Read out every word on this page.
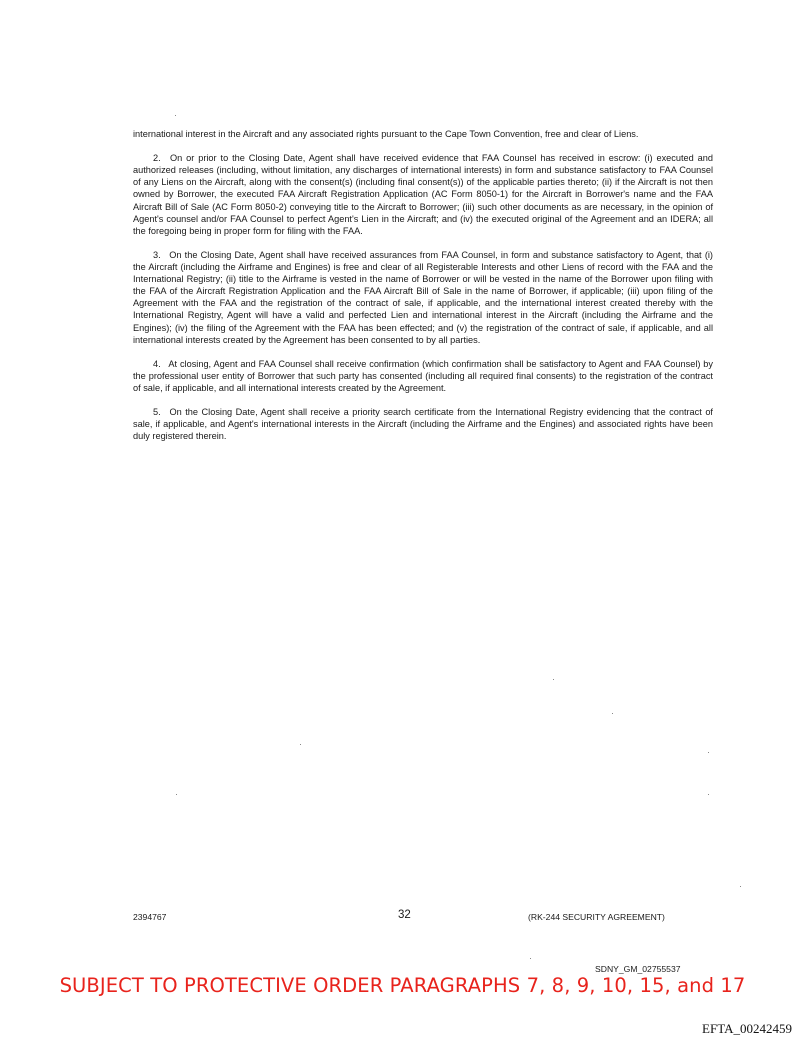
international interest in the Aircraft and any associated rights pursuant to the Cape Town Convention, free and clear of Liens.

2. On or prior to the Closing Date, Agent shall have received evidence that FAA Counsel has received in escrow: (i) executed and authorized releases (including, without limitation, any discharges of international interests) in form and substance satisfactory to FAA Counsel of any Liens on the Aircraft, along with the consent(s) (including final consent(s)) of the applicable parties thereto; (ii) if the Aircraft is not then owned by Borrower, the executed FAA Aircraft Registration Application (AC Form 8050-1) for the Aircraft in Borrower's name and the FAA Aircraft Bill of Sale (AC Form 8050-2) conveying title to the Aircraft to Borrower; (iii) such other documents as are necessary, in the opinion of Agent's counsel and/or FAA Counsel to perfect Agent's Lien in the Aircraft; and (iv) the executed original of the Agreement and an IDERA; all the foregoing being in proper form for filing with the FAA.

3. On the Closing Date, Agent shall have received assurances from FAA Counsel, in form and substance satisfactory to Agent, that (i) the Aircraft (including the Airframe and Engines) is free and clear of all Registerable Interests and other Liens of record with the FAA and the International Registry; (ii) title to the Airframe is vested in the name of Borrower or will be vested in the name of the Borrower upon filing with the FAA of the Aircraft Registration Application and the FAA Aircraft Bill of Sale in the name of Borrower, if applicable; (iii) upon filing of the Agreement with the FAA and the registration of the contract of sale, if applicable, and the international interest created thereby with the International Registry, Agent will have a valid and perfected Lien and international interest in the Aircraft (including the Airframe and the Engines); (iv) the filing of the Agreement with the FAA has been effected; and (v) the registration of the contract of sale, if applicable, and all international interests created by the Agreement has been consented to by all parties.

4. At closing, Agent and FAA Counsel shall receive confirmation (which confirmation shall be satisfactory to Agent and FAA Counsel) by the professional user entity of Borrower that such party has consented (including all required final consents) to the registration of the contract of sale, if applicable, and all international interests created by the Agreement.

5. On the Closing Date, Agent shall receive a priority search certificate from the International Registry evidencing that the contract of sale, if applicable, and Agent's international interests in the Aircraft (including the Airframe and the Engines) and associated rights have been duly registered therein.

2394767	32	(RK-244 SECURITY AGREEMENT)
SDNY_GM_02755537
SUBJECT TO PROTECTIVE ORDER PARAGRAPHS 7, 8, 9, 10, 15, and 17
EFTA_00242459
